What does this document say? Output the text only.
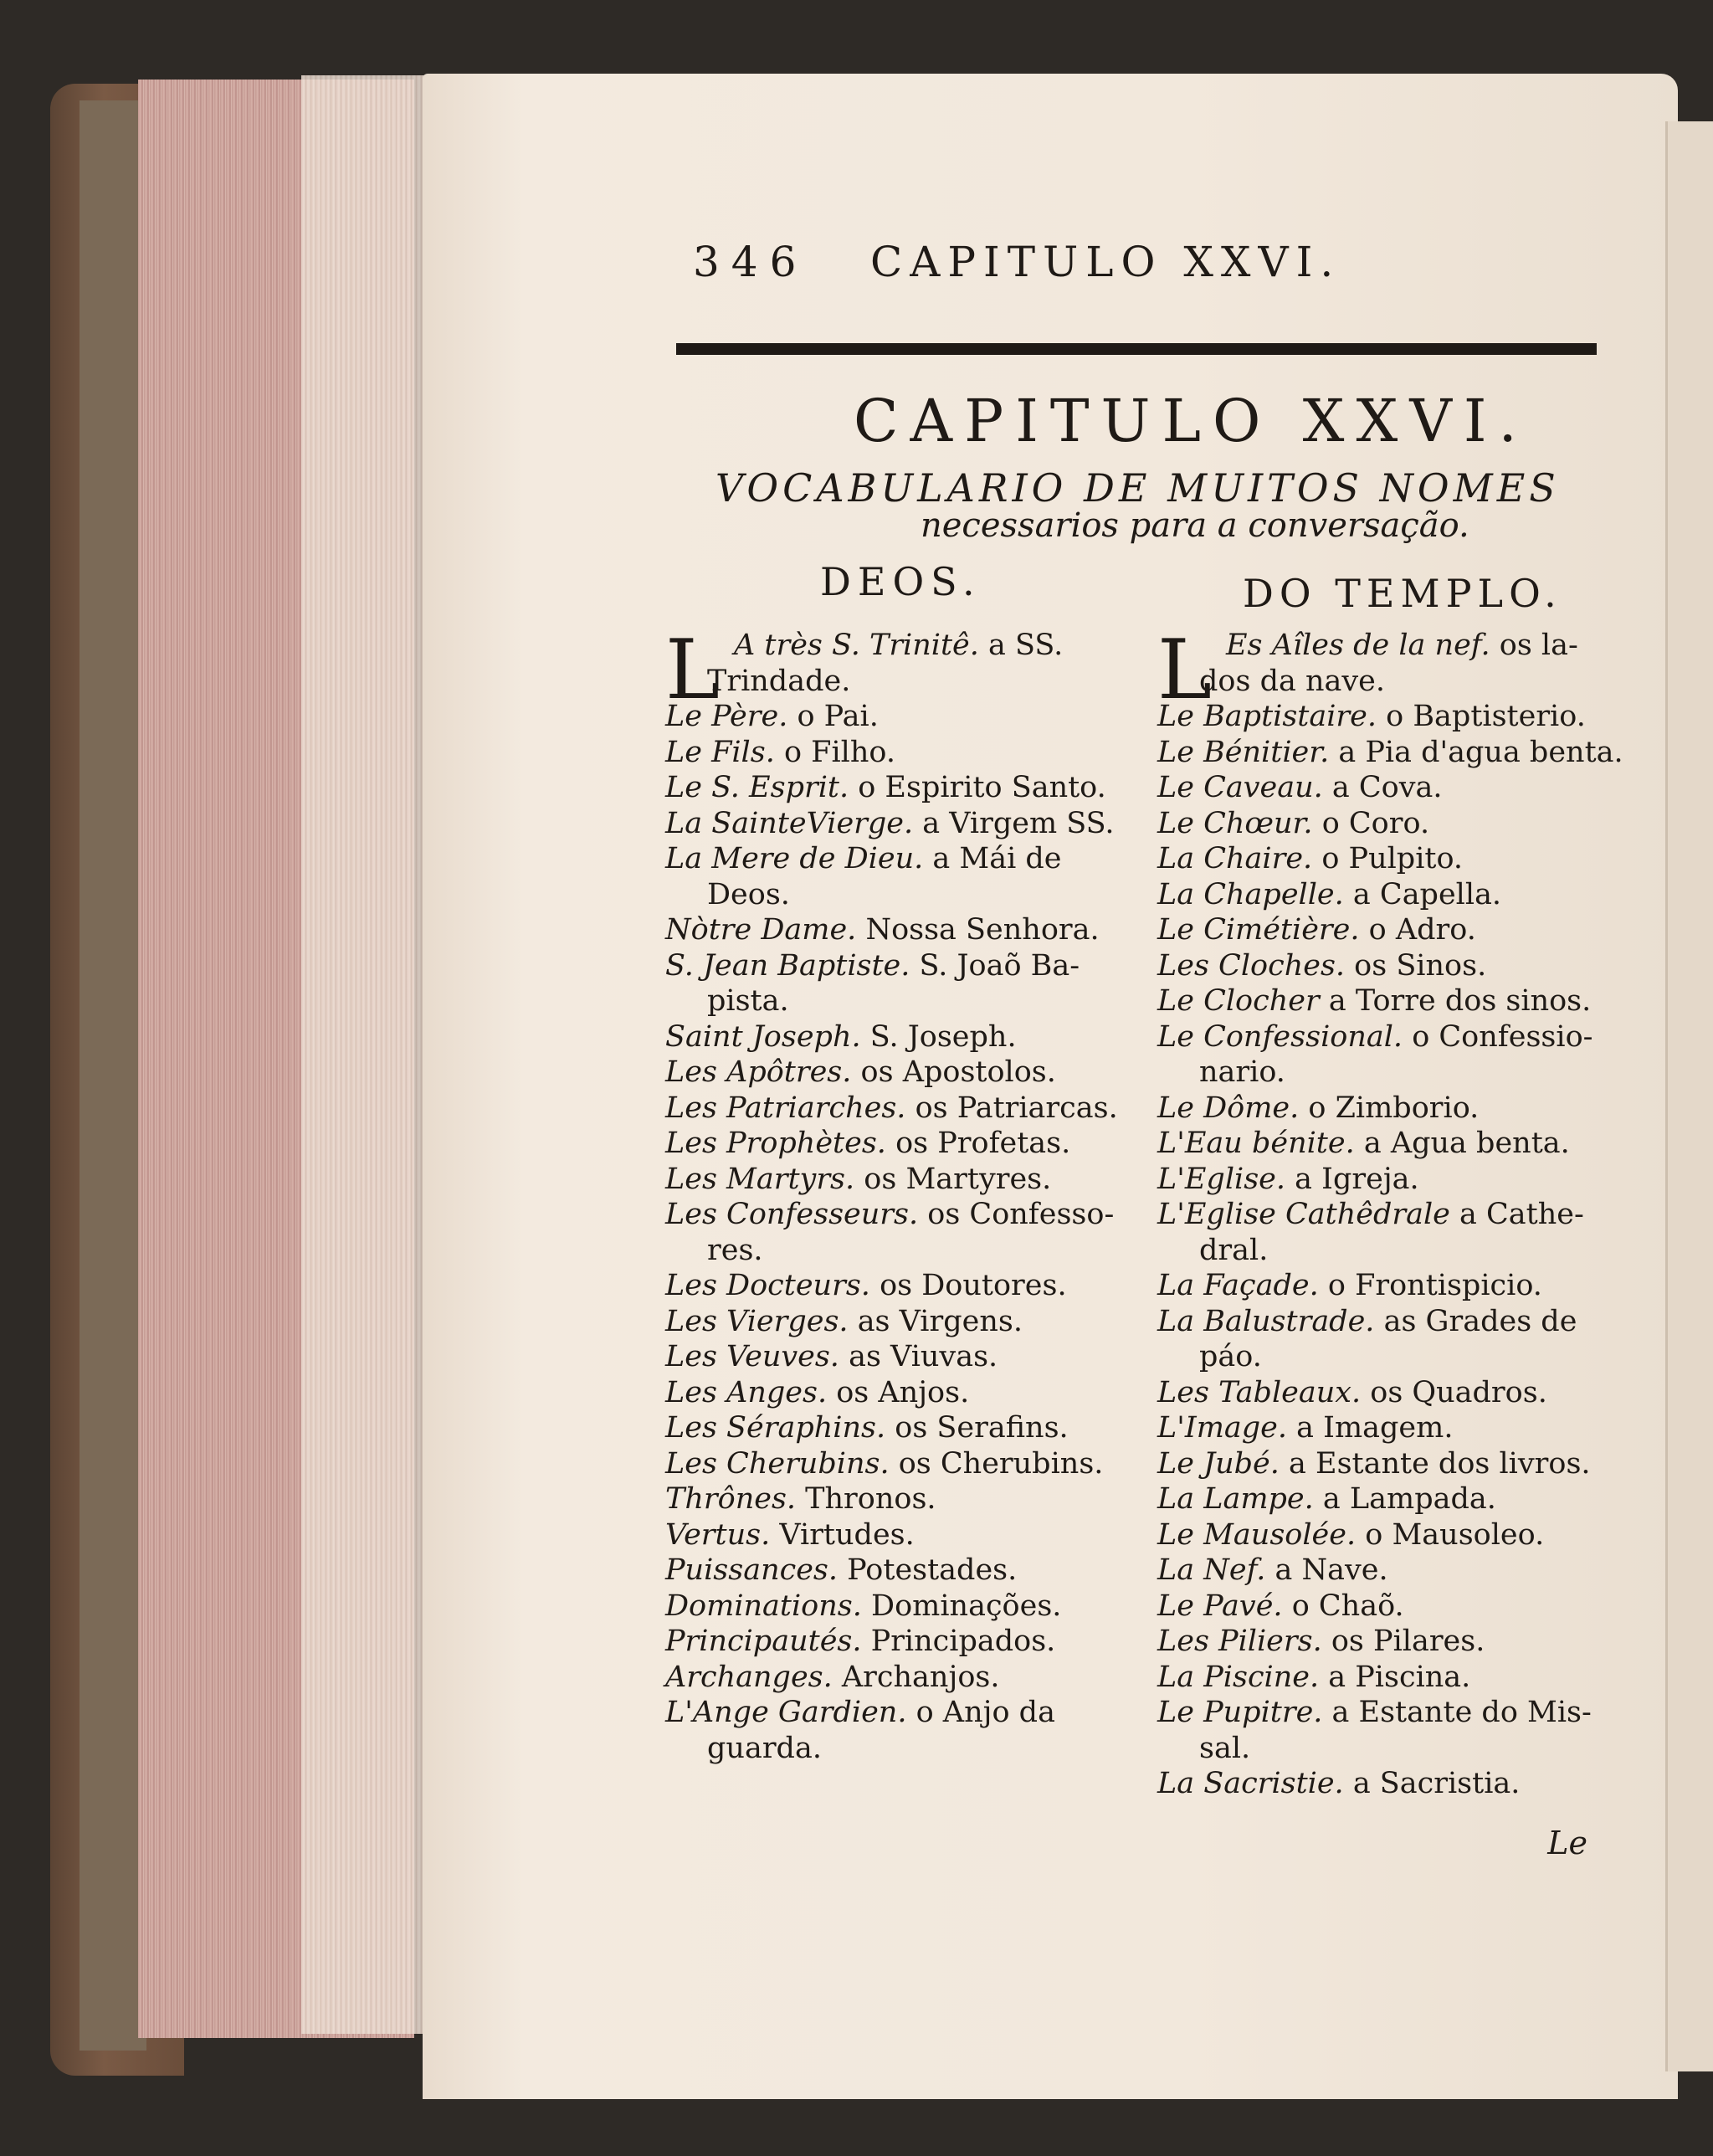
346 CAPITULO XXVI.
CAPITULO XXVI.
VOCABULARIO DE MUITOS NOMES
necessarios para a conversação.
DEOS.	DO TEMPLO.
L A très S. Trinitê. a SS.
Trindade.
Le Père. o Pai.
Le Fils. o Filho.
Le S. Esprit. o Espirito Santo.
La SainteVierge. a Virgem SS.
La Mere de Dieu. a Mái de
Deos.
Nòtre Dame. Nossa Senhora.
S. Jean Baptiste. S. Joaõ Ba-
pista.
Saint Joseph. S. Joseph.
Les Apôtres. os Apostolos.
Les Patriarches. os Patriarcas.
Les Prophètes. os Profetas.
Les Martyrs. os Martyres.
Les Confesseurs. os Confesso-
res.
Les Docteurs. os Doutores.
Les Vierges. as Virgens.
Les Veuves. as Viuvas.
Les Anges. os Anjos.
Les Séraphins. os Serafins.
Les Cherubins. os Cherubins.
Thrônes. Thronos.
Vertus. Virtudes.
Puissances. Potestades.
Dominations. Dominações.
Principautés. Principados.
Archanges. Archanjos.
L'Ange Gardien. o Anjo da
guarda.
L Es Aîles de la nef. os la-
dos da nave.
Le Baptistaire. o Baptisterio.
Le Bénitier. a Pia d'agua benta.
Le Caveau. a Cova.
Le Chœur. o Coro.
La Chaire. o Pulpito.
La Chapelle. a Capella.
Le Cimétière. o Adro.
Les Cloches. os Sinos.
Le Clocher a Torre dos sinos.
Le Confessional. o Confessio-
nario.
Le Dôme. o Zimborio.
L'Eau bénite. a Agua benta.
L'Eglise. a Igreja.
L'Eglise Cathêdrale a Cathe-
dral.
La Façade. o Frontispicio.
La Balustrade. as Grades de
páo.
Les Tableaux. os Quadros.
L'Image. a Imagem.
Le Jubé. a Estante dos livros.
La Lampe. a Lampada.
Le Mausolée. o Mausoleo.
La Nef. a Nave.
Le Pavé. o Chaõ.
Les Piliers. os Pilares.
La Piscine. a Piscina.
Le Pupitre. a Estante do Mis-
sal.
La Sacristie. a Sacristia.
Le
